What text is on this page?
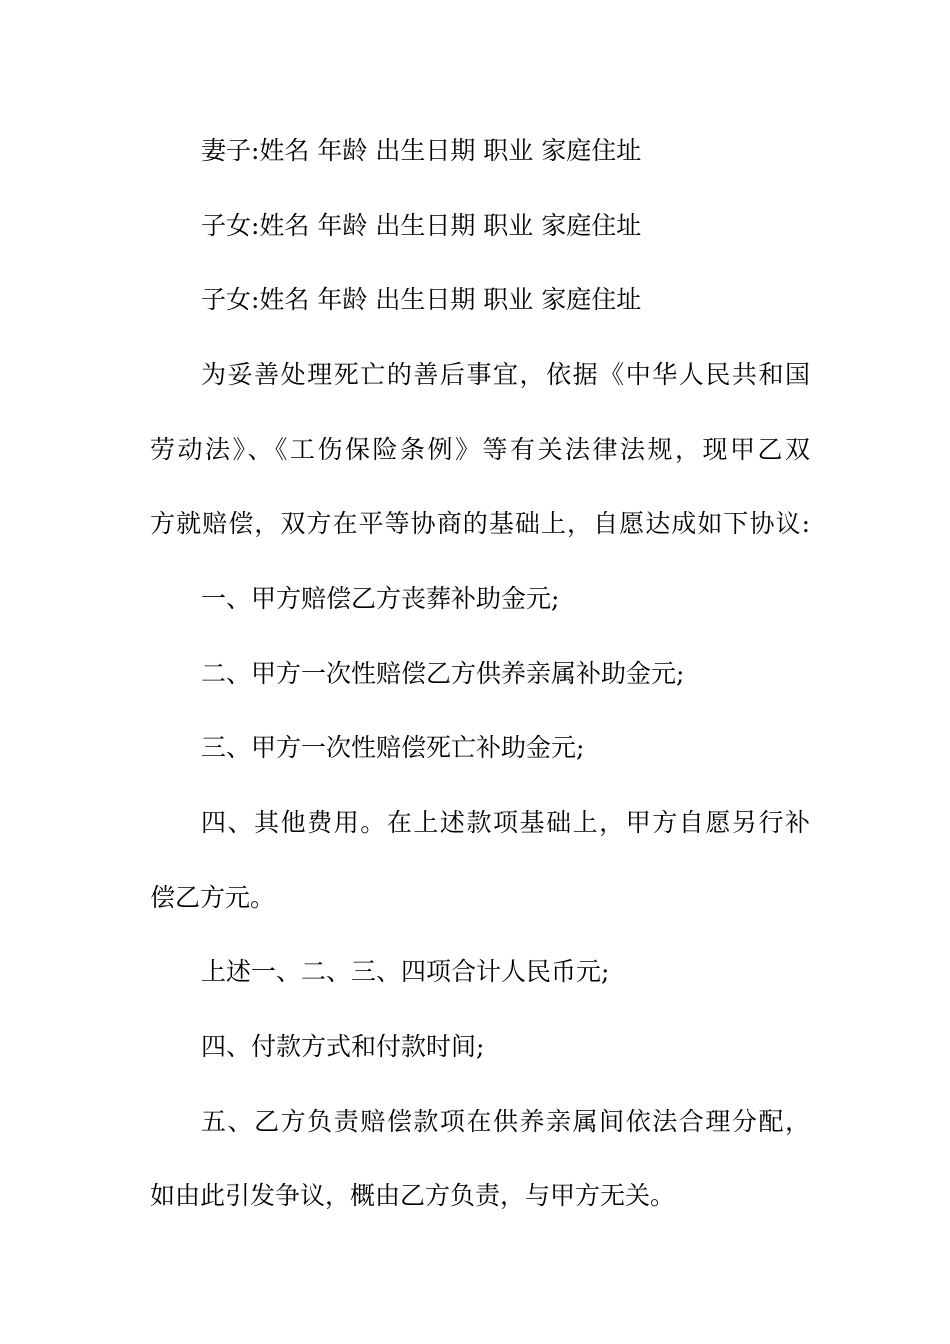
妻子:姓名 年龄 出生日期 职业 家庭住址
子女:姓名 年龄 出生日期 职业 家庭住址
子女:姓名 年龄 出生日期 职业 家庭住址
为妥善处理死亡的善后事宜，依据《中华人民共和国
劳动法》、《工伤保险条例》等有关法律法规，现甲乙双
方就赔偿，双方在平等协商的基础上，自愿达成如下协议:
一、甲方赔偿乙方丧葬补助金元;
二、甲方一次性赔偿乙方供养亲属补助金元;
三、甲方一次性赔偿死亡补助金元;
四、其他费用。在上述款项基础上，甲方自愿另行补
偿乙方元。
上述一、二、三、四项合计人民币元;
四、付款方式和付款时间;
五、乙方负责赔偿款项在供养亲属间依法合理分配，
如由此引发争议，概由乙方负责，与甲方无关。
